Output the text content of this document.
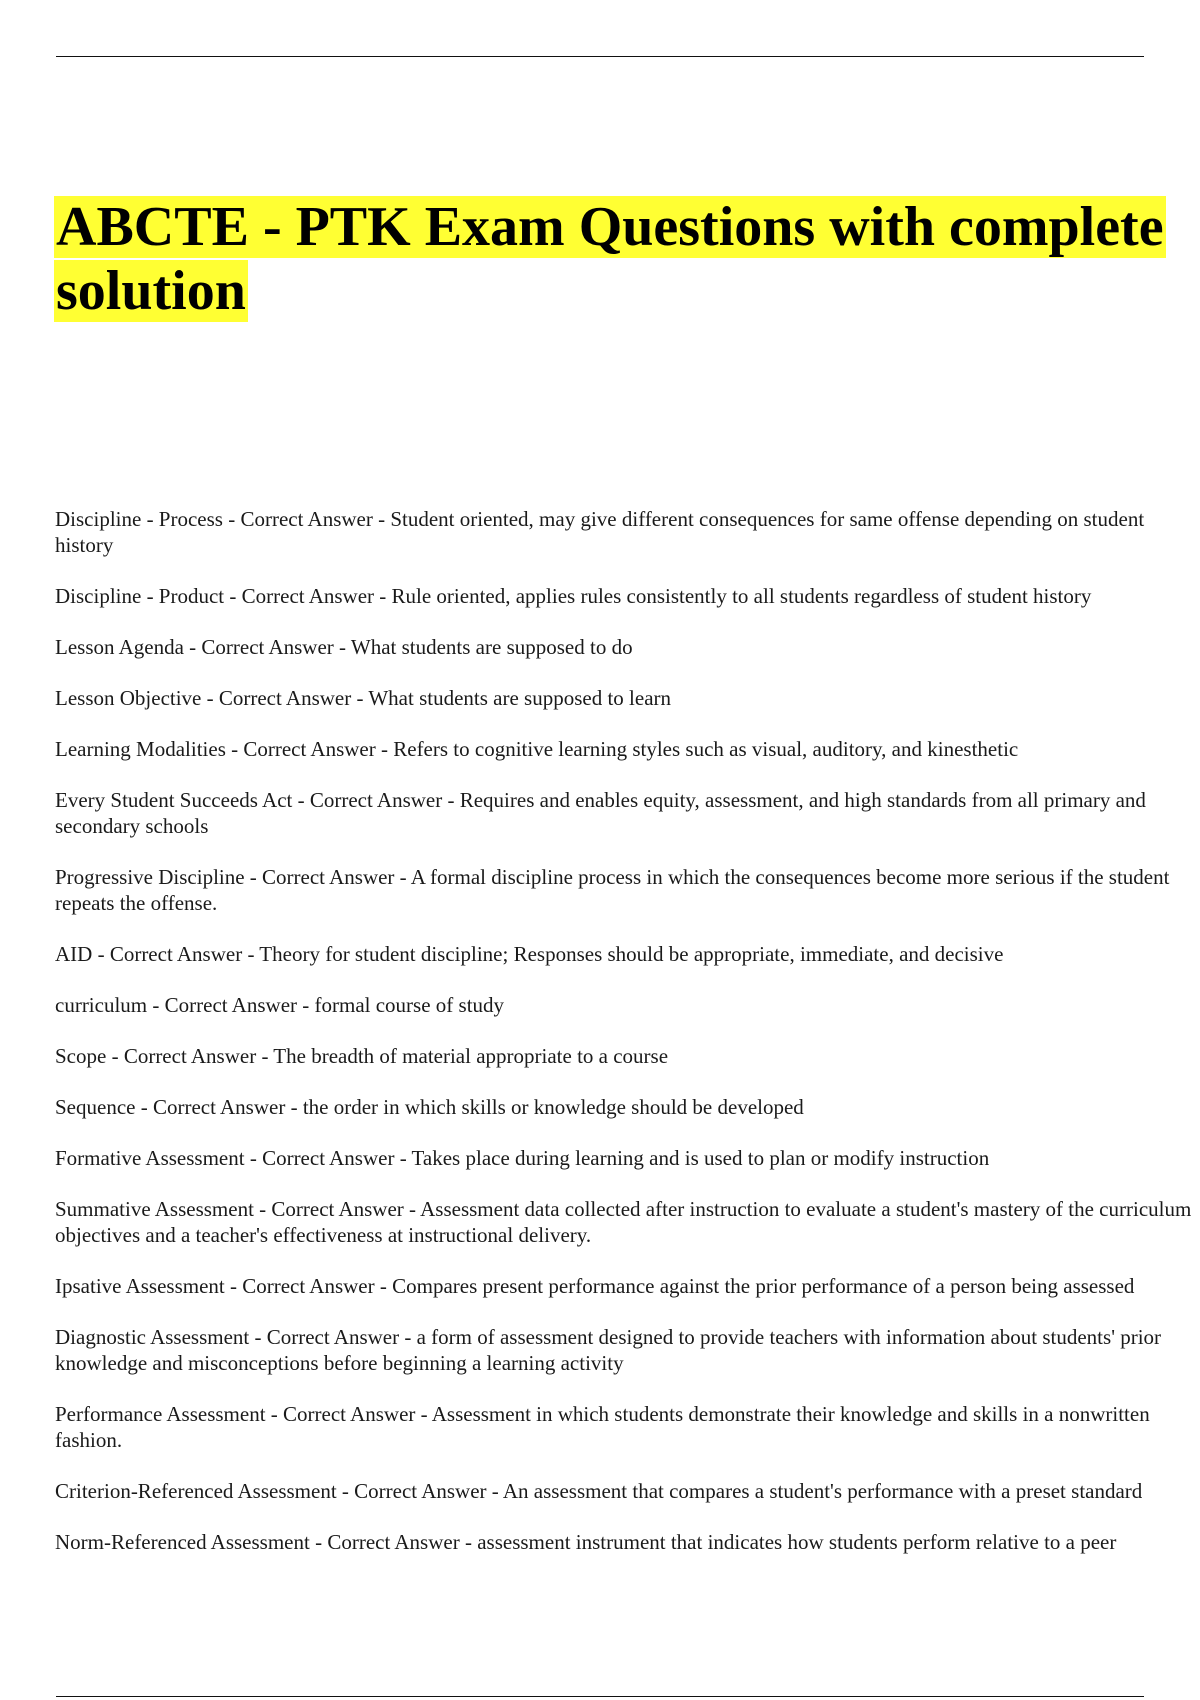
ABCTE - PTK Exam Questions with complete solution
Discipline - Process - Correct Answer - Student oriented, may give different consequences for same offense depending on student history
Discipline - Product - Correct Answer - Rule oriented, applies rules consistently to all students regardless of student history
Lesson Agenda - Correct Answer - What students are supposed to do
Lesson Objective - Correct Answer - What students are supposed to learn
Learning Modalities - Correct Answer - Refers to cognitive learning styles such as visual, auditory, and kinesthetic
Every Student Succeeds Act - Correct Answer - Requires and enables equity, assessment, and high standards from all primary and secondary schools
Progressive Discipline - Correct Answer - A formal discipline process in which the consequences become more serious if the student repeats the offense.
AID - Correct Answer - Theory for student discipline; Responses should be appropriate, immediate, and decisive
curriculum - Correct Answer - formal course of study
Scope - Correct Answer - The breadth of material appropriate to a course
Sequence - Correct Answer - the order in which skills or knowledge should be developed
Formative Assessment - Correct Answer - Takes place during learning and is used to plan or modify instruction
Summative Assessment - Correct Answer - Assessment data collected after instruction to evaluate a student's mastery of the curriculum objectives and a teacher's effectiveness at instructional delivery.
Ipsative Assessment - Correct Answer - Compares present performance against the prior performance of a person being assessed
Diagnostic Assessment - Correct Answer - a form of assessment designed to provide teachers with information about students' prior knowledge and misconceptions before beginning a learning activity
Performance Assessment - Correct Answer - Assessment in which students demonstrate their knowledge and skills in a nonwritten fashion.
Criterion-Referenced Assessment - Correct Answer - An assessment that compares a student's performance with a preset standard
Norm-Referenced Assessment - Correct Answer - assessment instrument that indicates how students perform relative to a peer
